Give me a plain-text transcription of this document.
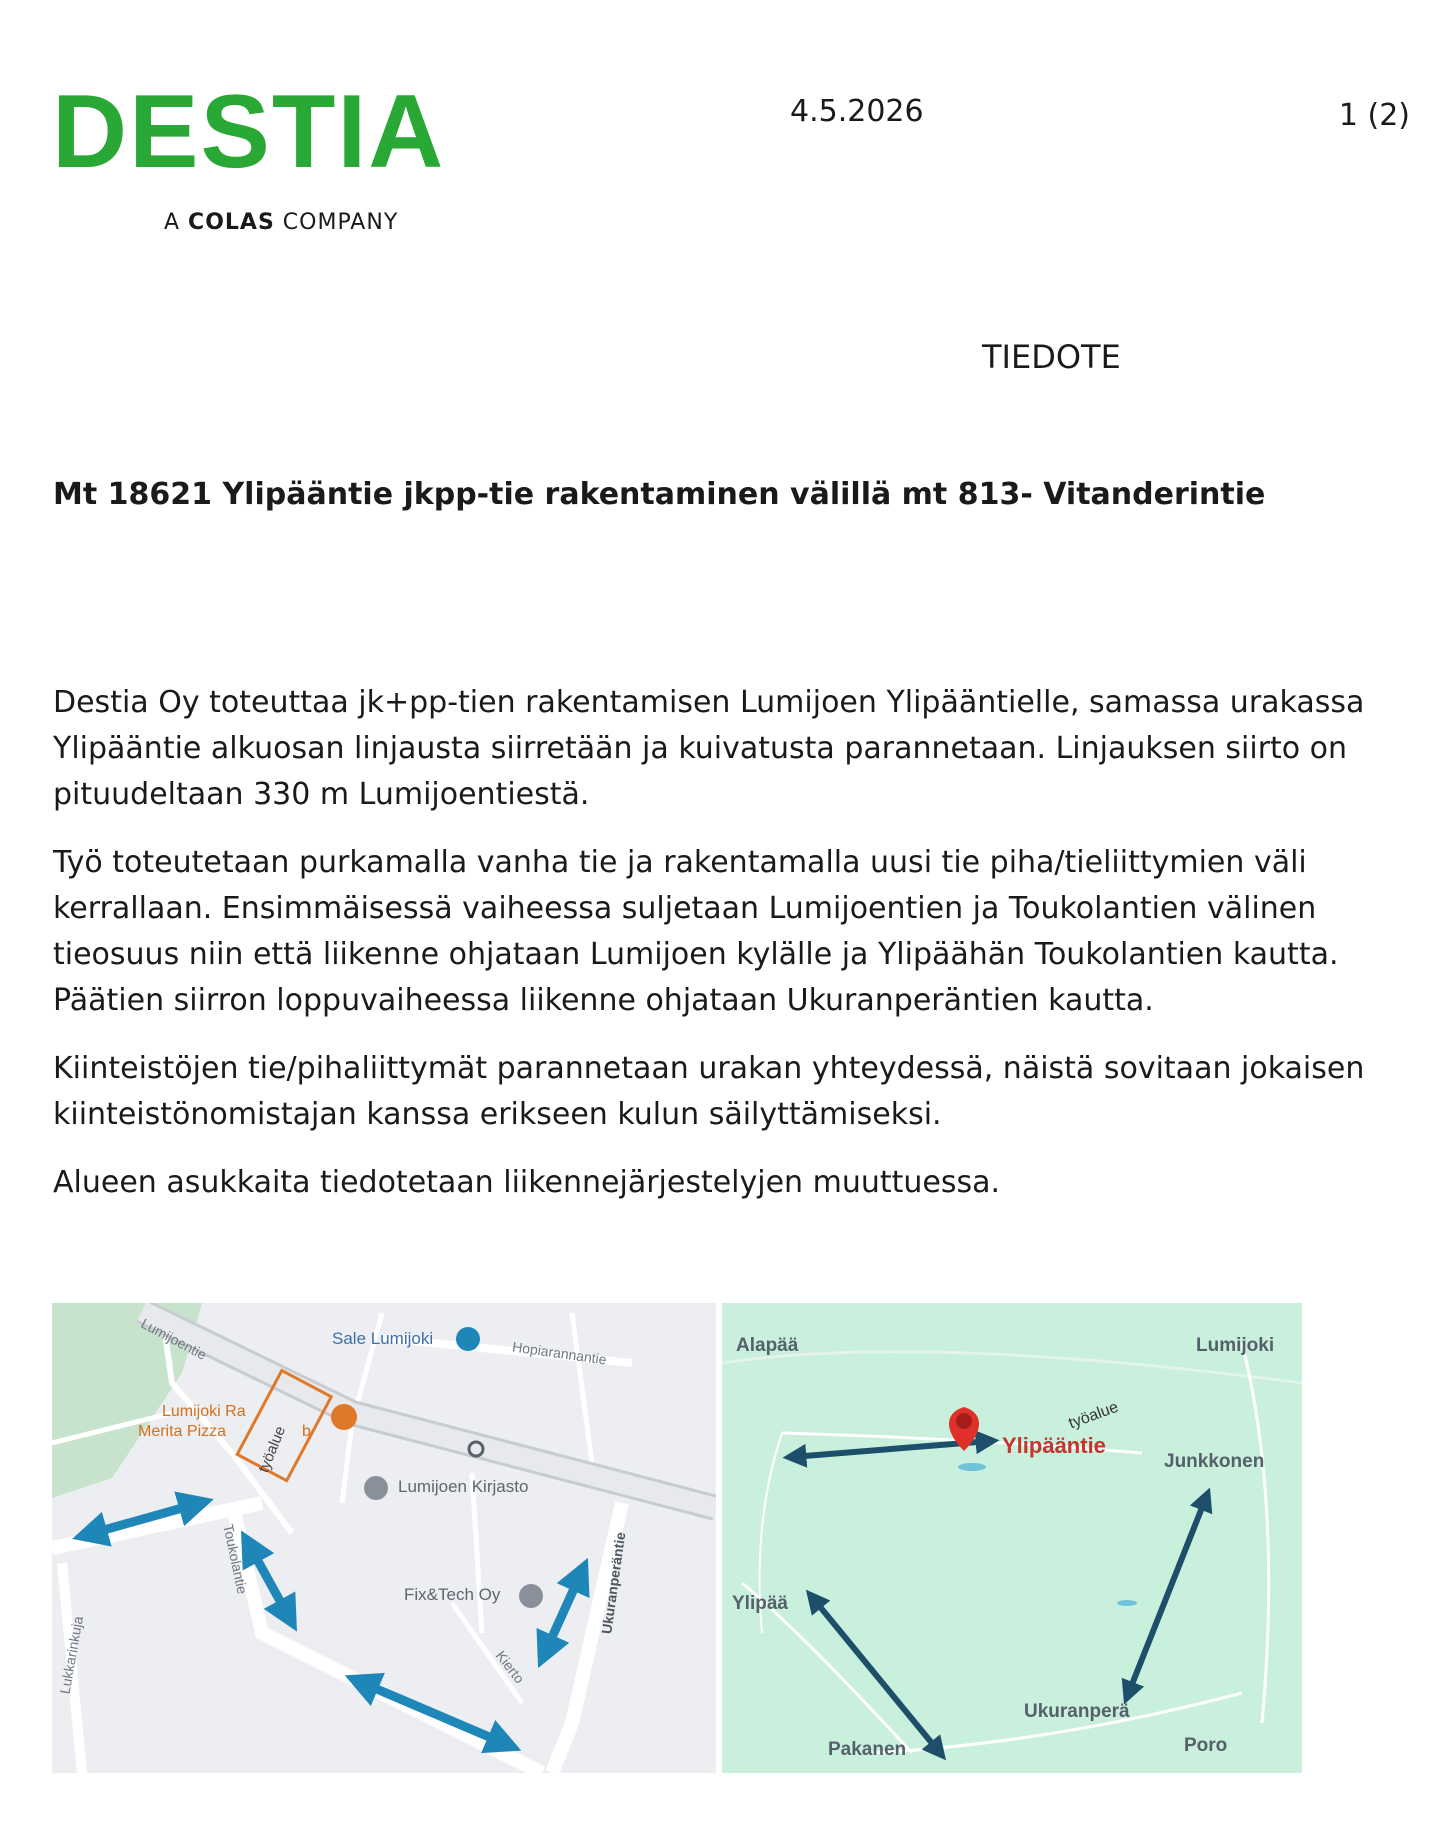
DESTIA
A COLAS COMPANY
4.5.2026	1 (2)
TIEDOTE
Mt 18621 Ylipääntie jkpp-tie rakentaminen välillä mt 813- Vitanderintie

Destia Oy toteuttaa jk+pp-tien rakentamisen Lumijoen Ylipääntielle, samassa urakassa Ylipääntie alkuosan linjausta siirretään ja kuivatusta parannetaan. Linjauksen siirto on pituudeltaan 330 m Lumijoentiestä.

Työ toteutetaan purkamalla vanha tie ja rakentamalla uusi tie piha/tieliittymien väli kerrallaan. Ensimmäisessä vaiheessa suljetaan Lumijoentien ja Toukolantien välinen tieosuus niin että liikenne ohjataan Lumijoen kylälle ja Ylipäähän Toukolantien kautta. Päätien siirron loppuvaiheessa liikenne ohjataan Ukuranperäntien kautta.

Kiinteistöjen tie/pihaliittymät parannetaan urakan yhteydessä, näistä sovitaan jokaisen kiinteistönomistajan kanssa erikseen kulun säilyttämiseksi.

Alueen asukkaita tiedotetaan liikennejärjestelyjen muuttuessa.

Lumijoentie	Hopiarannantie
Toukolantie
Lukkarinkuja
Ukuranperäntie
Kierto
Sale Lumijoki
Lumijoki Ra
Merita Pizza	b
Lumijoen Kirjasto
Fix&Tech Oy
työalue
Alapää	Lumijoki
Junkkonen
Ylipää
Ukuranperä
Pakanen	Poro
Ylipääntie
työalue
